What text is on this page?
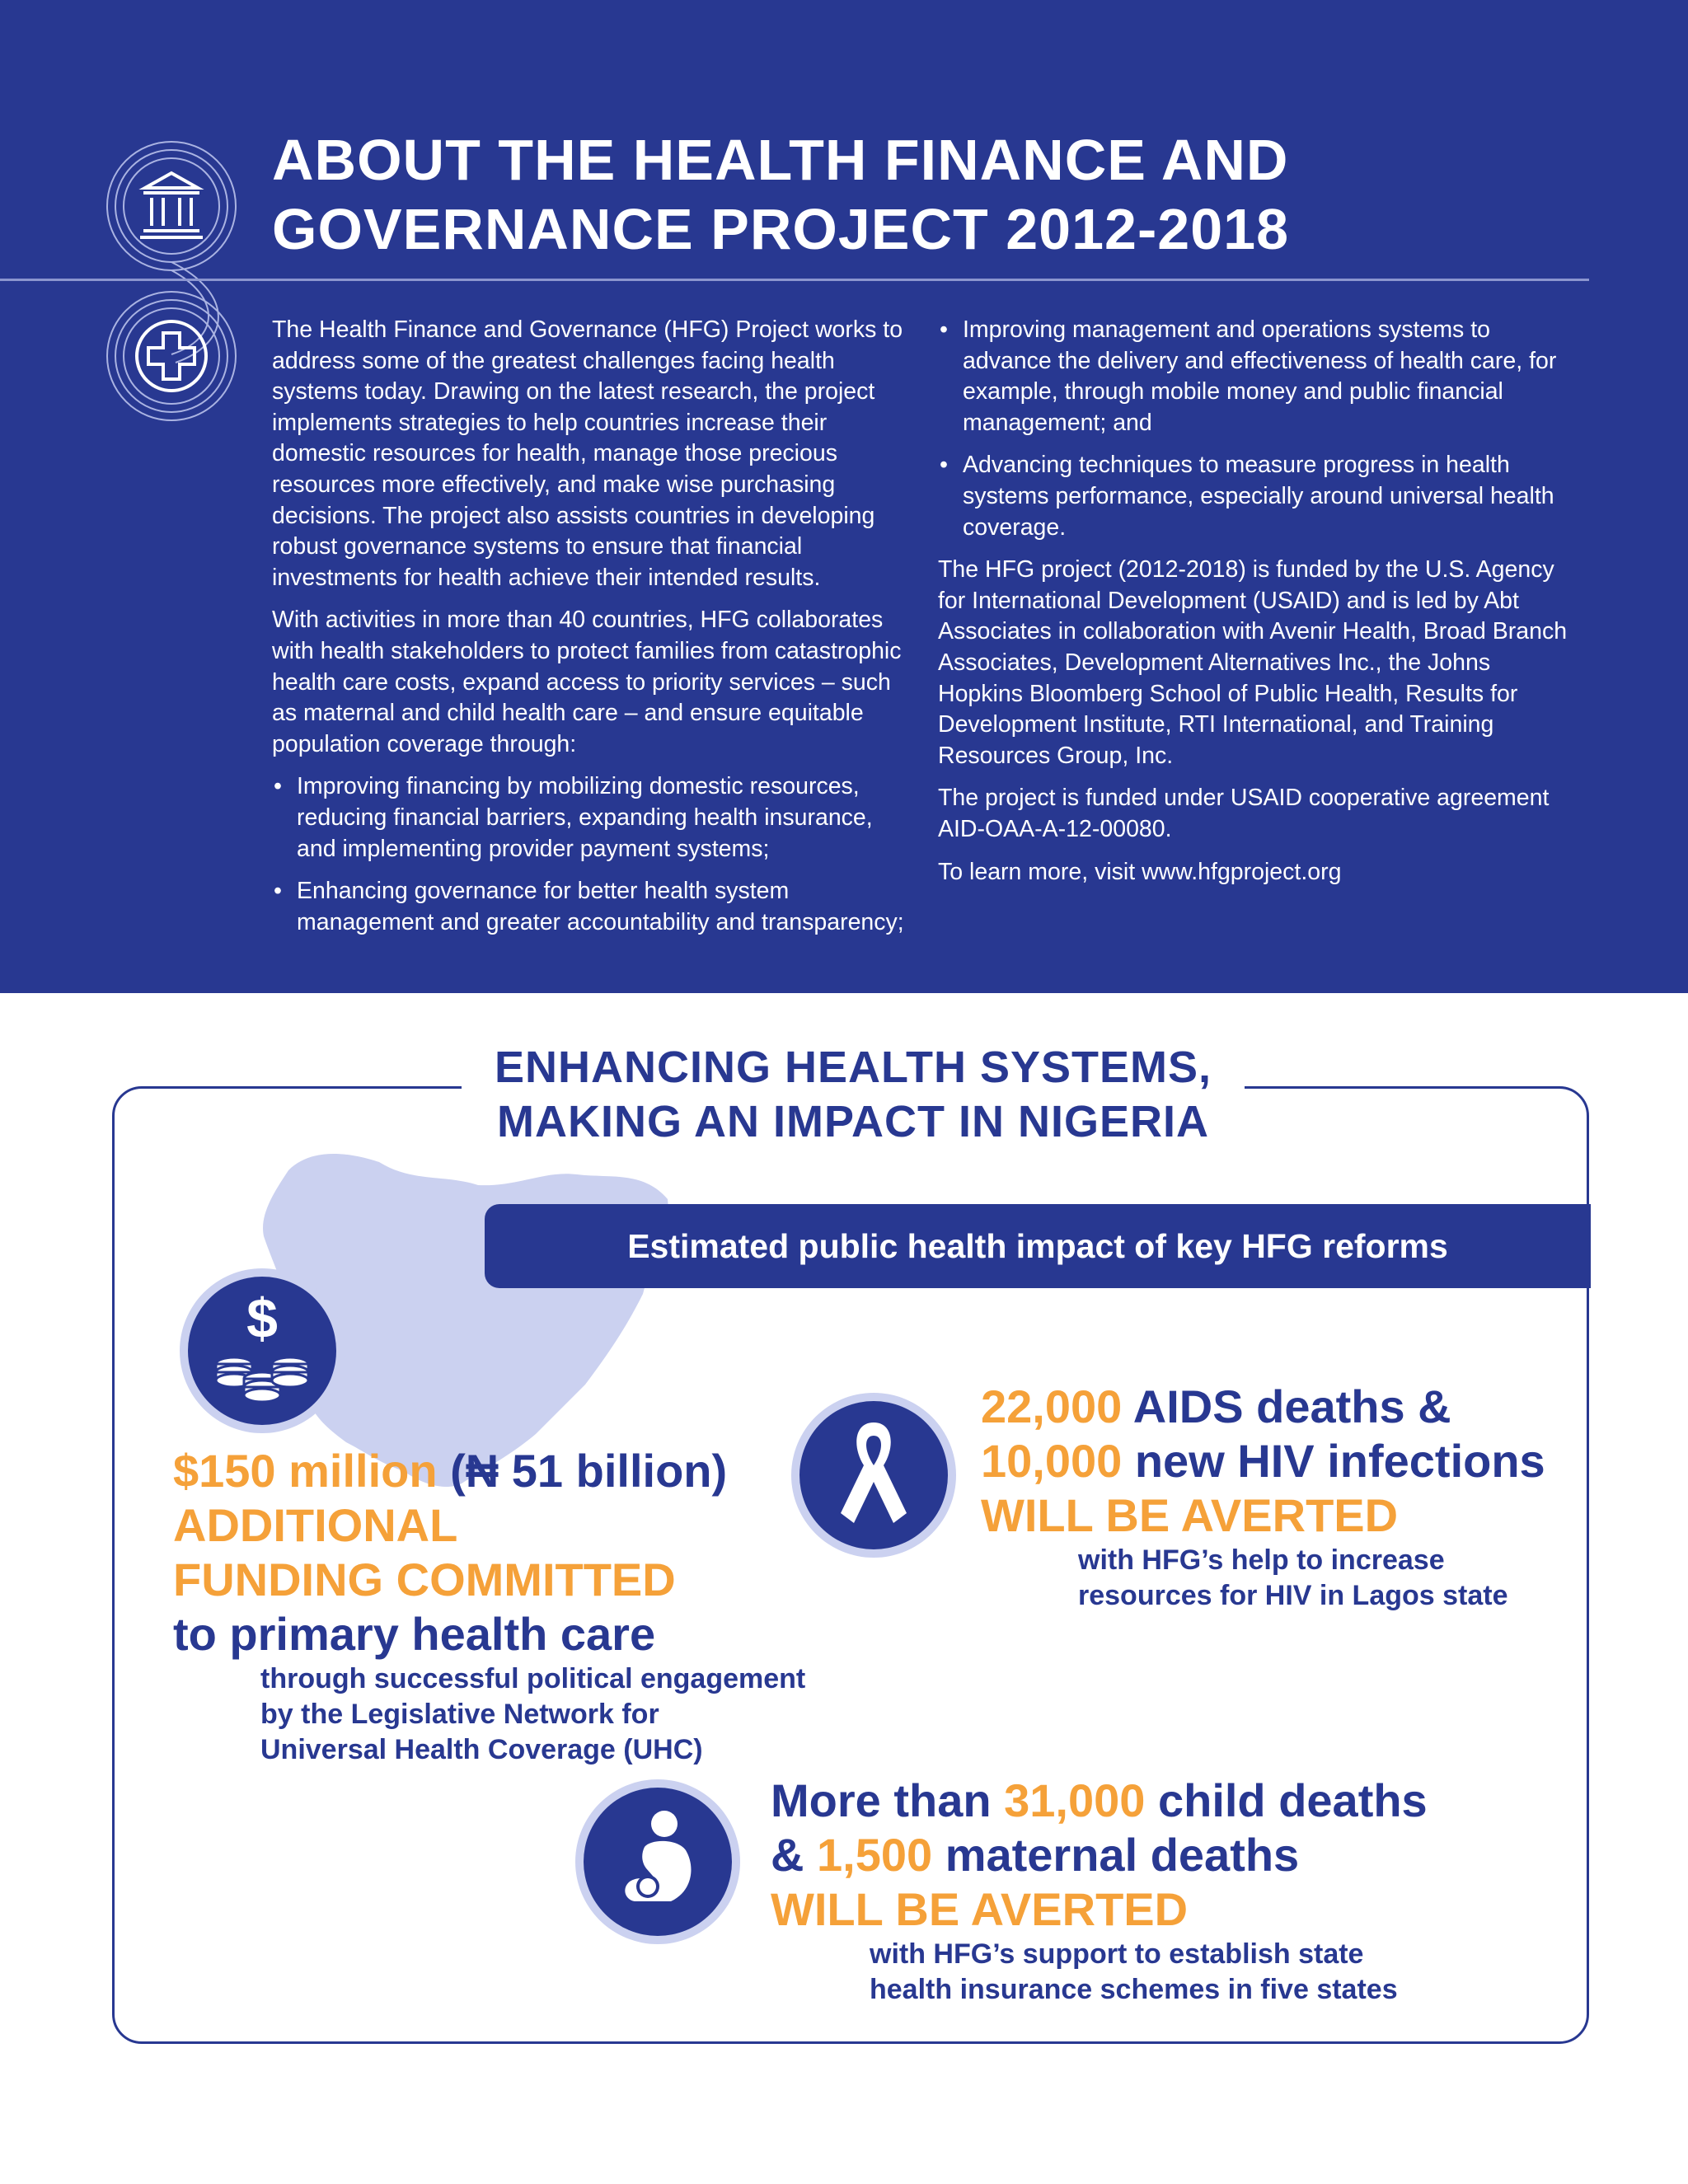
ABOUT THE HEALTH FINANCE AND
GOVERNANCE PROJECT 2012-2018

The Health Finance and Governance (HFG) Project works to address some of the greatest challenges facing health systems today. Drawing on the latest research, the project implements strategies to help countries increase their domestic resources for health, manage those precious resources more effectively, and make wise purchasing decisions. The project also assists countries in developing robust governance systems to ensure that financial investments for health achieve their intended results.

With activities in more than 40 countries, HFG collaborates with health stakeholders to protect families from catastrophic health care costs, expand access to priority services – such as maternal and child health care – and ensure equitable population coverage through:

• Improving financing by mobilizing domestic resources, reducing financial barriers, expanding health insurance, and implementing provider payment systems;
• Enhancing governance for better health system management and greater accountability and transparency;
• Improving management and operations systems to advance the delivery and effectiveness of health care, for example, through mobile money and public financial management; and
• Advancing techniques to measure progress in health systems performance, especially around universal health coverage.

The HFG project (2012-2018) is funded by the U.S. Agency for International Development (USAID) and is led by Abt Associates in collaboration with Avenir Health, Broad Branch Associates, Development Alternatives Inc., the Johns Hopkins Bloomberg School of Public Health, Results for Development Institute, RTI International, and Training Resources Group, Inc.

The project is funded under USAID cooperative agreement AID-OAA-A-12-00080.

To learn more, visit www.hfgproject.org

ENHANCING HEALTH SYSTEMS,
MAKING AN IMPACT IN NIGERIA
Estimated public health impact of key HFG reforms
$
$150 million (₦ 51 billion)
ADDITIONAL
FUNDING COMMITTED
to primary health care
through successful political engagement
by the Legislative Network for
Universal Health Coverage (UHC)
22,000 AIDS deaths &
10,000 new HIV infections
WILL BE AVERTED
with HFG’s help to increase
resources for HIV in Lagos state
More than 31,000 child deaths
& 1,500 maternal deaths
WILL BE AVERTED
with HFG’s support to establish state
health insurance schemes in five states
